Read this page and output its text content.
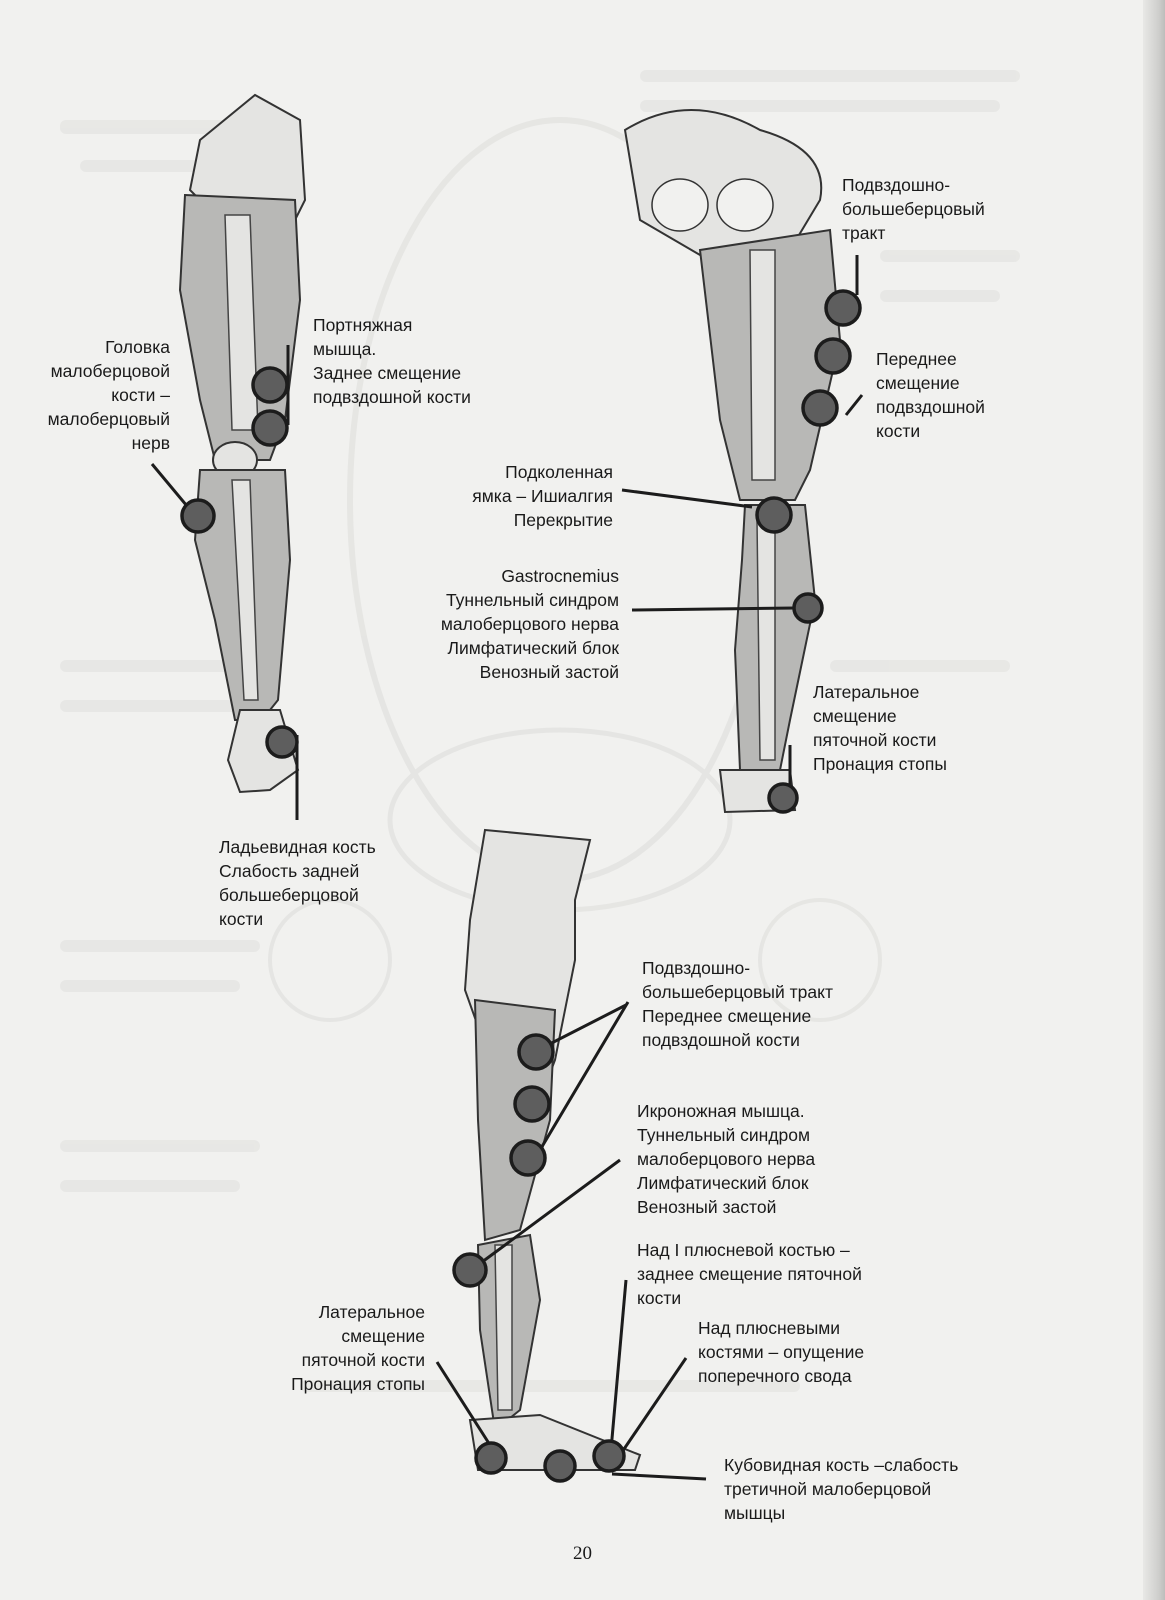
Головка
малоберцовой
кости –
малоберцовый
нерв

Портняжная
мышца.
Заднее смещение
подвздошной кости

Подвздошно-
большеберцовый
тракт

Переднее
смещение
подвздошной
кости

Подколенная
ямка – Ишиалгия
Перекрытие

Gastrocnemius
Туннельный синдром
малоберцового нерва
Лимфатический блок
Венозный застой

Латеральное
смещение
пяточной кости
Пронация стопы

Ладьевидная кость
Слабость задней
большеберцовой
кости

Подвздошно-
большеберцовый тракт
Переднее смещение
подвздошной кости

Икроножная мышца.
Туннельный синдром
малоберцового нерва
Лимфатический блок
Венозный застой

Над I плюсневой костью –
заднее смещение пяточной
кости

Над плюсневыми
костями – опущение
поперечного свода

Латеральное
смещение
пяточной кости
Пронация стопы

Кубовидная кость –слабость
третичной малоберцовой
мышцы

20
